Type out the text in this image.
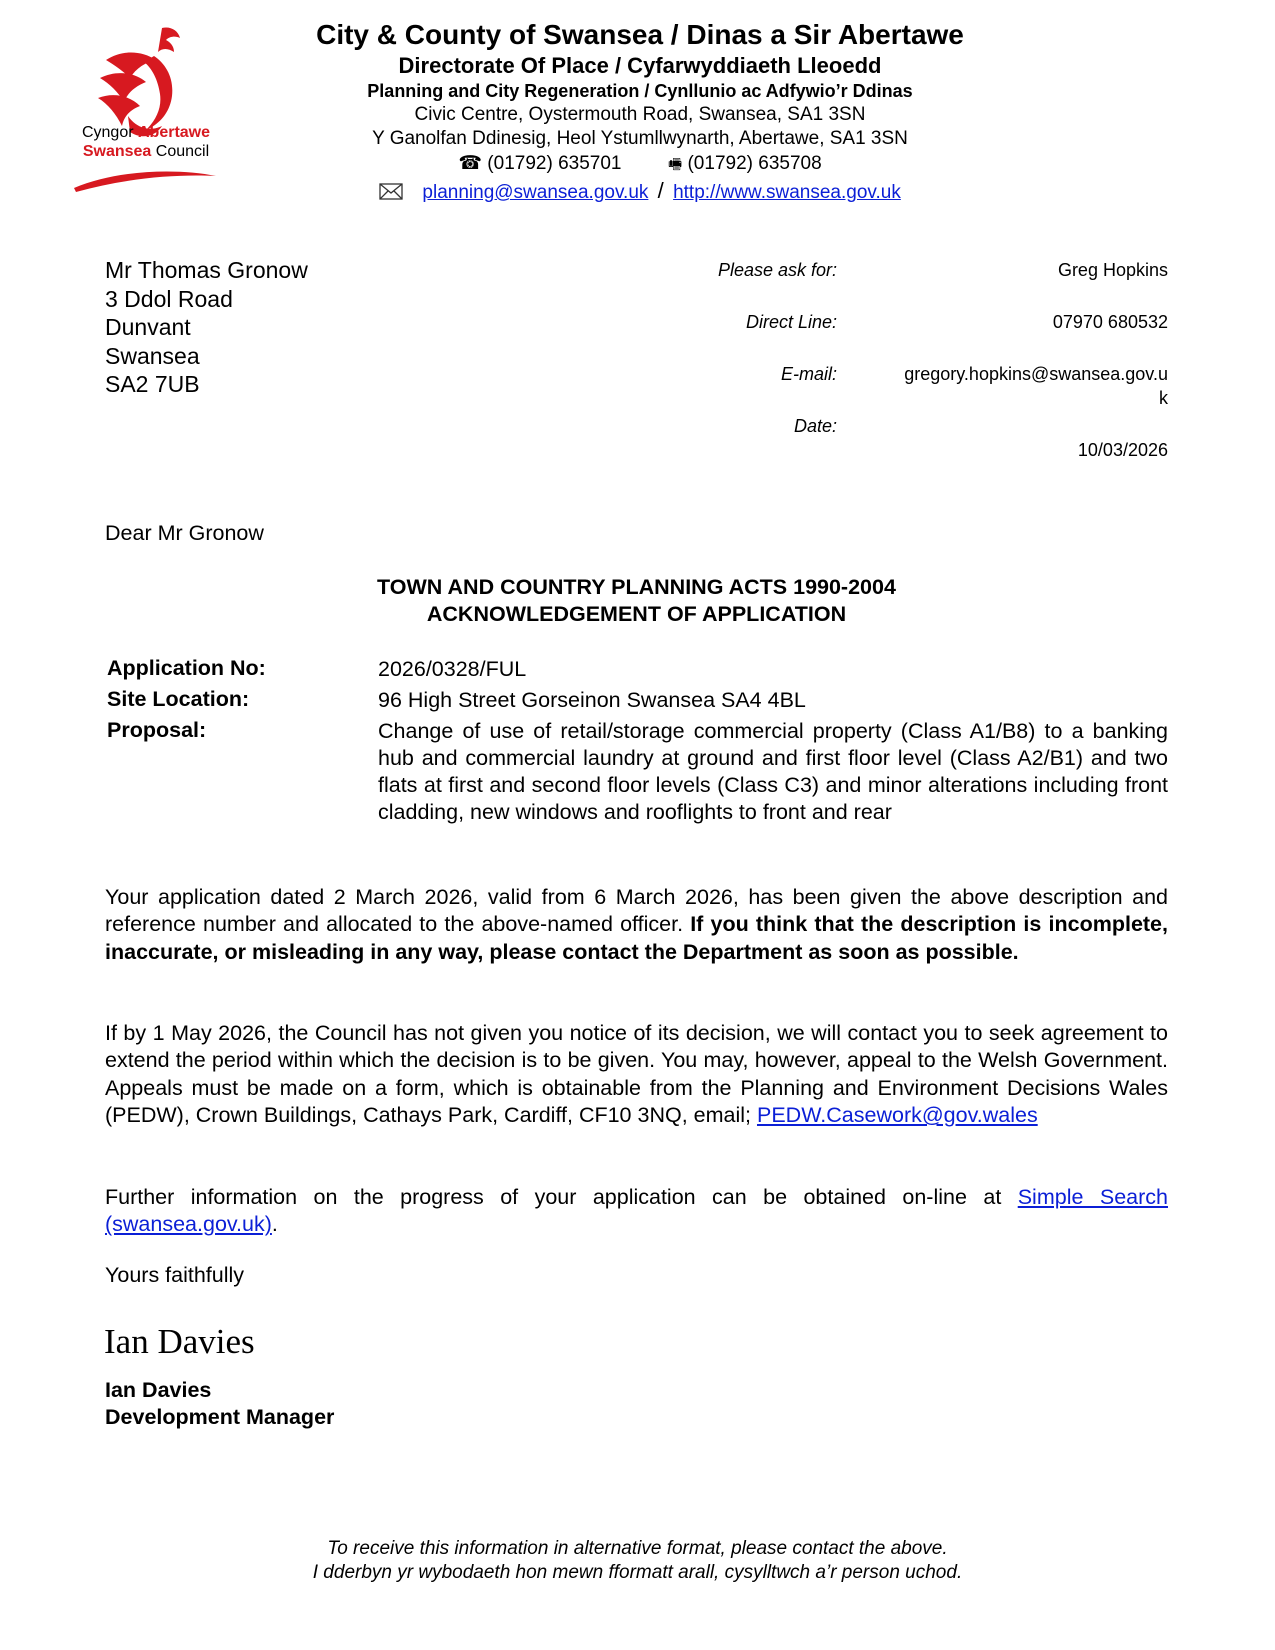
Cyngor Abertawe
Swansea Council
City & County of Swansea / Dinas a Sir Abertawe
Directorate Of Place / Cyfarwyddiaeth Lleoedd
Planning and City Regeneration / Cynllunio ac Adfywio’r Ddinas
Civic Centre, Oystermouth Road, Swansea, SA1 3SN
Y Ganolfan Ddinesig, Heol Ystumllwynarth, Abertawe, SA1 3SN
☎ (01792) 635701	🖷 (01792) 635708
planning@swansea.gov.uk / http://www.swansea.gov.uk
Mr Thomas Gronow
3 Ddol Road
Dunvant
Swansea
SA2 7UB
Please ask for:	Greg Hopkins
Direct Line:	07970 680532
E-mail:	gregory.hopkins@swansea.gov.u
k
Date:
10/03/2026
Dear Mr Gronow
TOWN AND COUNTRY PLANNING ACTS 1990-2004
ACKNOWLEDGEMENT OF APPLICATION
Application No:	2026/0328/FUL
Site Location:	96 High Street Gorseinon Swansea SA4 4BL
Proposal:	Change of use of retail/storage commercial property (Class A1/B8) to a banking hub and commercial laundry at ground and first floor level (Class A2/B1) and two flats at first and second floor levels (Class C3) and minor alterations including front cladding, new windows and rooflights to front and rear
Your application dated 2 March 2026, valid from 6 March 2026, has been given the above description and reference number and allocated to the above-named officer. If you think that the description is incomplete, inaccurate, or misleading in any way, please contact the Department as soon as possible.
If by 1 May 2026, the Council has not given you notice of its decision, we will contact you to seek agreement to extend the period within which the decision is to be given. You may, however, appeal to the Welsh Government. Appeals must be made on a form, which is obtainable from the Planning and Environment Decisions Wales (PEDW), Crown Buildings, Cathays Park, Cardiff, CF10 3NQ, email; PEDW.Casework@gov.wales
Further information on the progress of your application can be obtained on-line at Simple Search (swansea.gov.uk).
Yours faithfully
Ian Davies
Ian Davies
Development Manager
To receive this information in alternative format, please contact the above.
I dderbyn yr wybodaeth hon mewn fformatt arall, cysylltwch a’r person uchod.
